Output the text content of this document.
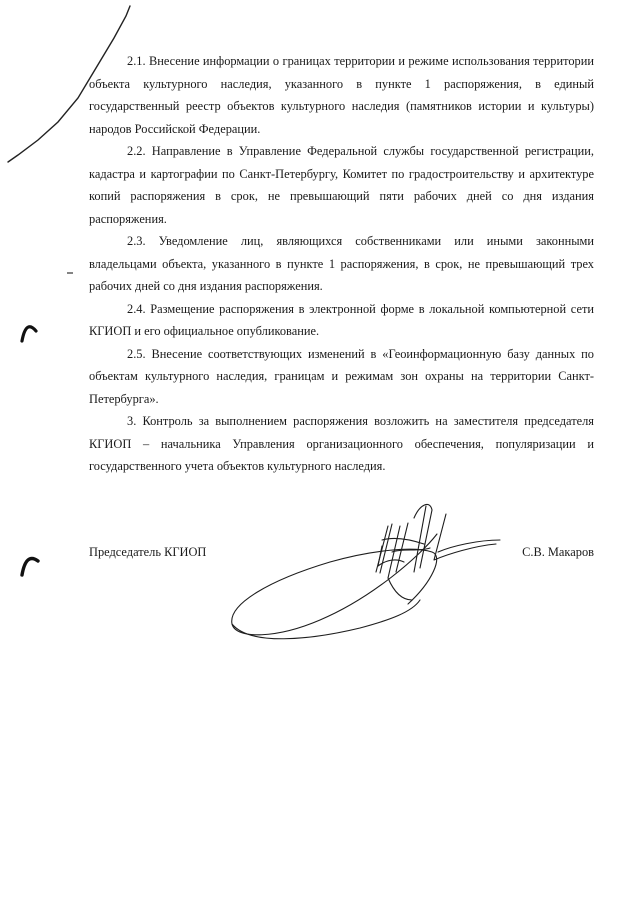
2.1. Внесение информации о границах территории и режиме использования территории объекта культурного наследия, указанного в пункте 1 распоряжения, в единый государственный реестр объектов культурного наследия (памятников истории и культуры) народов Российской Федерации.

2.2. Направление в Управление Федеральной службы государственной регистрации, кадастра и картографии по Санкт-Петербургу, Комитет по градостроительству и архитектуре копий распоряжения в срок, не превышающий пяти рабочих дней со дня издания распоряжения.

2.3. Уведомление лиц, являющихся собственниками или иными законными владельцами объекта, указанного в пункте 1 распоряжения, в срок, не превышающий трех рабочих дней со дня издания распоряжения.

2.4. Размещение распоряжения в электронной форме в локальной компьютерной сети КГИОП и его официальное опубликование.

2.5. Внесение соответствующих изменений в «Геоинформационную базу данных по объектам культурного наследия, границам и режимам зон охраны на территории Санкт-Петербурга».

3. Контроль за выполнением распоряжения возложить на заместителя председателя КГИОП – начальника Управления организационного обеспечения, популяризации и государственного учета объектов культурного наследия.

Председатель КГИОП	С.В. Макаров
